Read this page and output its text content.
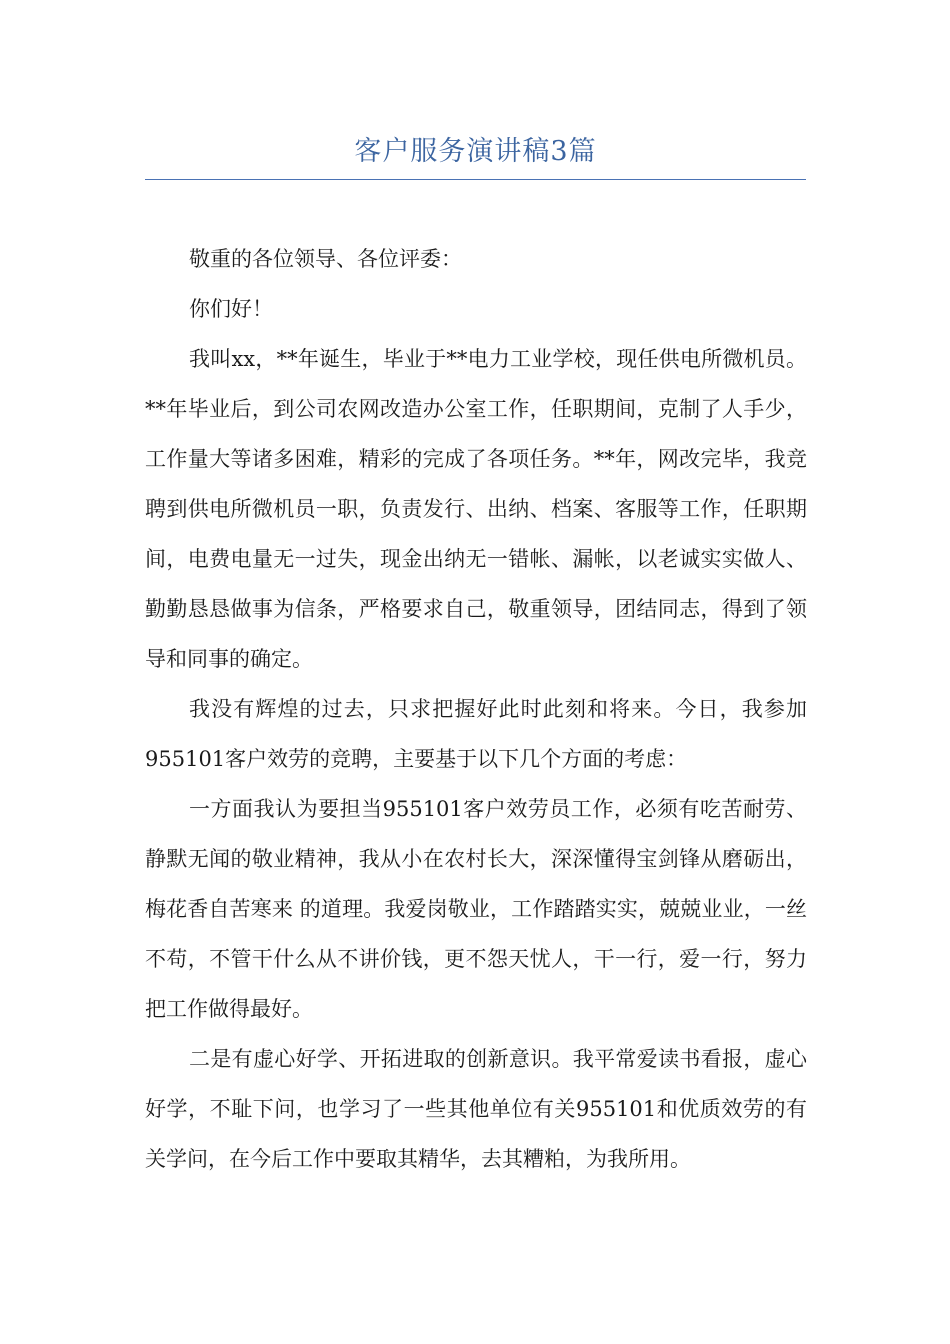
客户服务演讲稿3篇

敬重的各位领导、各位评委：

你们好！

我叫xx，**年诞生，毕业于**电力工业学校，现任供电所微机员。**年毕业后，到公司农网改造办公室工作，任职期间，克制了人手少，工作量大等诸多困难，精彩的完成了各项任务。**年，网改完毕，我竞聘到供电所微机员一职，负责发行、出纳、档案、客服等工作，任职期间，电费电量无一过失，现金出纳无一错帐、漏帐，以老诚实实做人、勤勤恳恳做事为信条，严格要求自己，敬重领导，团结同志，得到了领导和同事的确定。

我没有辉煌的过去，只求把握好此时此刻和将来。今日，我参加955101客户效劳的竞聘，主要基于以下几个方面的考虑：

一方面我认为要担当955101客户效劳员工作，必须有吃苦耐劳、静默无闻的敬业精神，我从小在农村长大，深深懂得宝剑锋从磨砺出，梅花香自苦寒来 的道理。我爱岗敬业，工作踏踏实实，兢兢业业，一丝不苟，不管干什么从不讲价钱，更不怨天忧人，干一行，爱一行，努力把工作做得最好。

二是有虚心好学、开拓进取的创新意识。我平常爱读书看报，虚心好学，不耻下问，也学习了一些其他单位有关955101和优质效劳的有关学问，在今后工作中要取其精华，去其糟粕，为我所用。
